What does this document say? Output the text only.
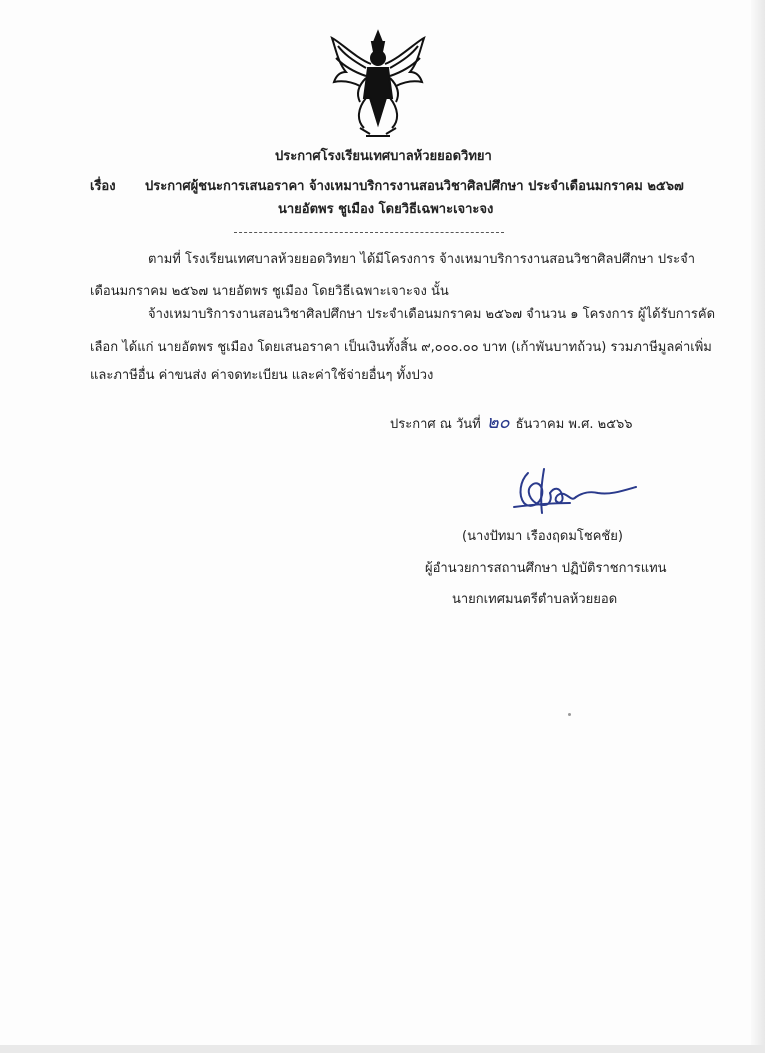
ประกาศโรงเรียนเทศบาลห้วยยอดวิทยา
เรื่อง ประกาศผู้ชนะการเสนอราคา จ้างเหมาบริการงานสอนวิชาศิลปศึกษา ประจำเดือนมกราคม ๒๕๖๗
นายอัตพร ชูเมือง โดยวิธีเฉพาะเจาะจง
ตามที่ โรงเรียนเทศบาลห้วยยอดวิทยา ได้มีโครงการ จ้างเหมาบริการงานสอนวิชาศิลปศึกษา ประจำ
เดือนมกราคม ๒๕๖๗ นายอัตพร ชูเมือง โดยวิธีเฉพาะเจาะจง นั้น
จ้างเหมาบริการงานสอนวิชาศิลปศึกษา ประจำเดือนมกราคม ๒๕๖๗ จำนวน ๑ โครงการ ผู้ได้รับการคัด
เลือก ได้แก่ นายอัตพร ชูเมือง โดยเสนอราคา เป็นเงินทั้งสิ้น ๙,๐๐๐.๐๐ บาท (เก้าพันบาทถ้วน) รวมภาษีมูลค่าเพิ่ม
และภาษีอื่น ค่าขนส่ง ค่าจดทะเบียน และค่าใช้จ่ายอื่นๆ ทั้งปวง
ประกาศ ณ วันที่ ๒๐ ธันวาคม พ.ศ. ๒๕๖๖
(นางปัทมา เรืองฤดมโชคชัย)
ผู้อำนวยการสถานศึกษา ปฏิบัติราชการแทน
นายกเทศมนตรีตำบลห้วยยอด
